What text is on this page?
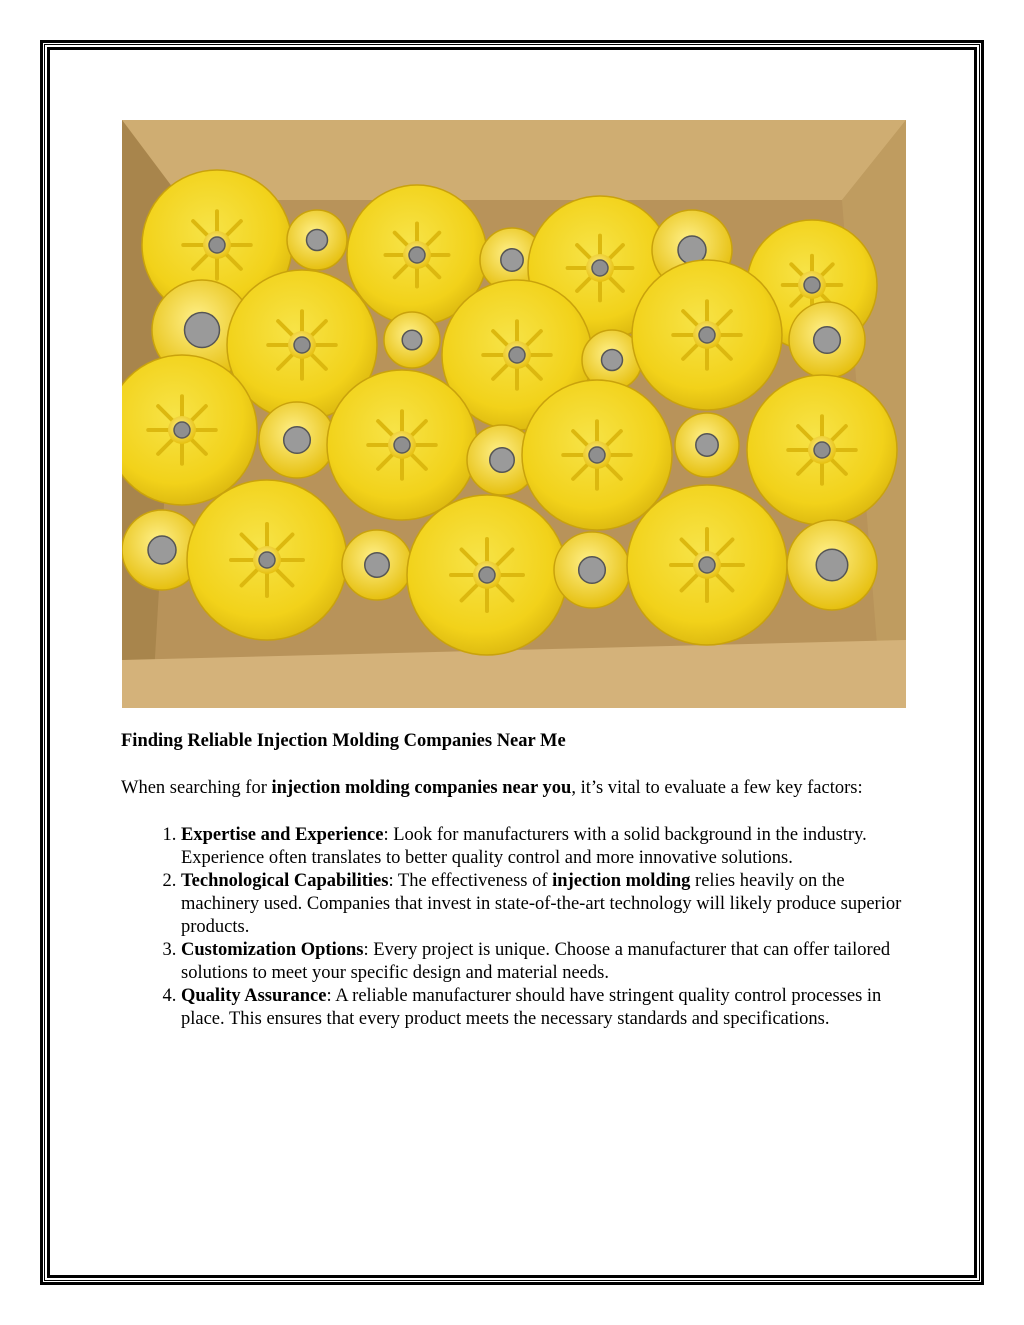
Finding Reliable Injection Molding Companies Near Me

When searching for injection molding companies near you, it’s vital to evaluate a few key factors:

1. Expertise and Experience: Look for manufacturers with a solid background in the industry. Experience often translates to better quality control and more innovative solutions.
2. Technological Capabilities: The effectiveness of injection molding relies heavily on the machinery used. Companies that invest in state-of-the-art technology will likely produce superior products.
3. Customization Options: Every project is unique. Choose a manufacturer that can offer tailored solutions to meet your specific design and material needs.
4. Quality Assurance: A reliable manufacturer should have stringent quality control processes in place. This ensures that every product meets the necessary standards and specifications.
